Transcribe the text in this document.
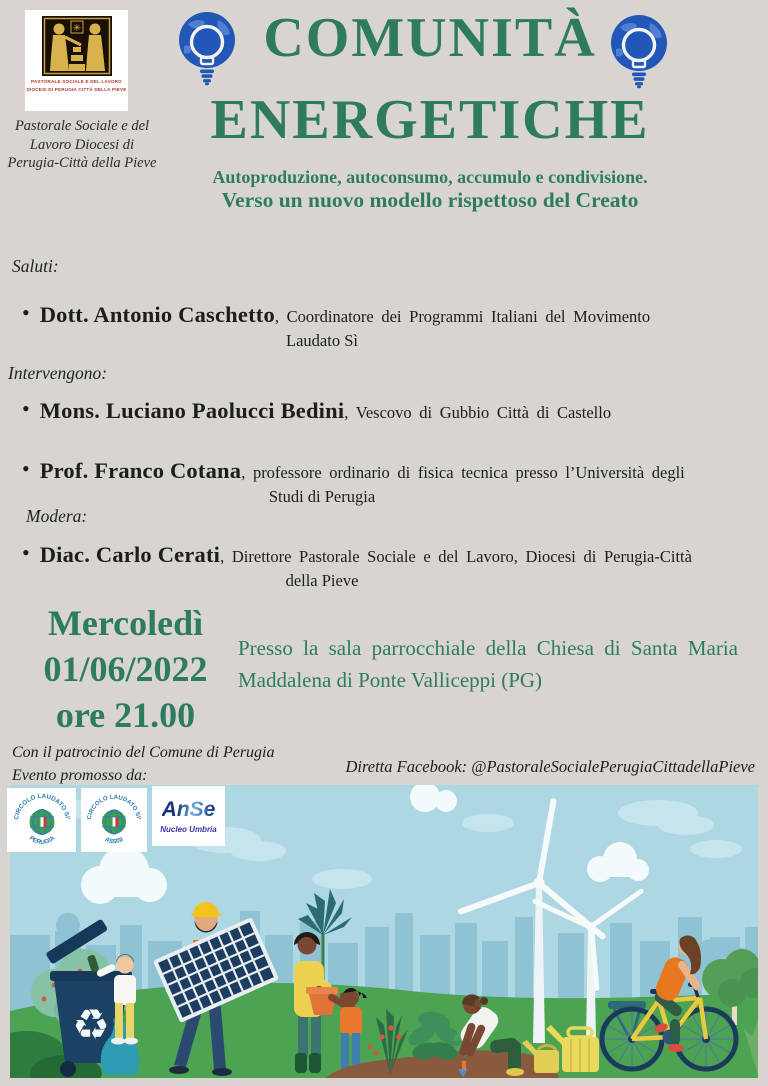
✳
PASTORALE SOCIALE E DEL LAVORO
DIOCESI DI PERUGIA CITTÀ DELLA PIEVE
Pastorale Sociale e del Lavoro Diocesi di Perugia-Città della Pieve
COMUNITÀ
ENERGETICHE
Autoproduzione, autoconsumo, accumulo e condivisione.
Verso un nuovo modello rispettoso del Creato
Saluti:
• Dott. Antonio Caschetto, Coordinatore dei Programmi Italiani del Movimento
Laudato Sì
Intervengono:
• Mons. Luciano Paolucci Bedini, Vescovo di Gubbio Città di Castello
• Prof. Franco Cotana, professore ordinario di fisica tecnica presso l’Università degli
Studi di Perugia
Modera:
• Diac. Carlo Cerati, Direttore Pastorale Sociale e del Lavoro, Diocesi di Perugia-Città
della Pieve
Mercoledì
01/06/2022
ore 21.00
Presso la sala parrocchiale della Chiesa di Santa Maria Maddalena di Ponte Valliceppi (PG)
Con il patrocinio del Comune di Perugia
Evento promosso da:	Diretta Facebook: @PastoraleSocialePerugiaCittadellaPieve
♻
CIRCOLO LAUDATO SI'
PERUGIA
CIRCOLO LAUDATO SI'
ASSISI
AnSe
Nucleo Umbria
